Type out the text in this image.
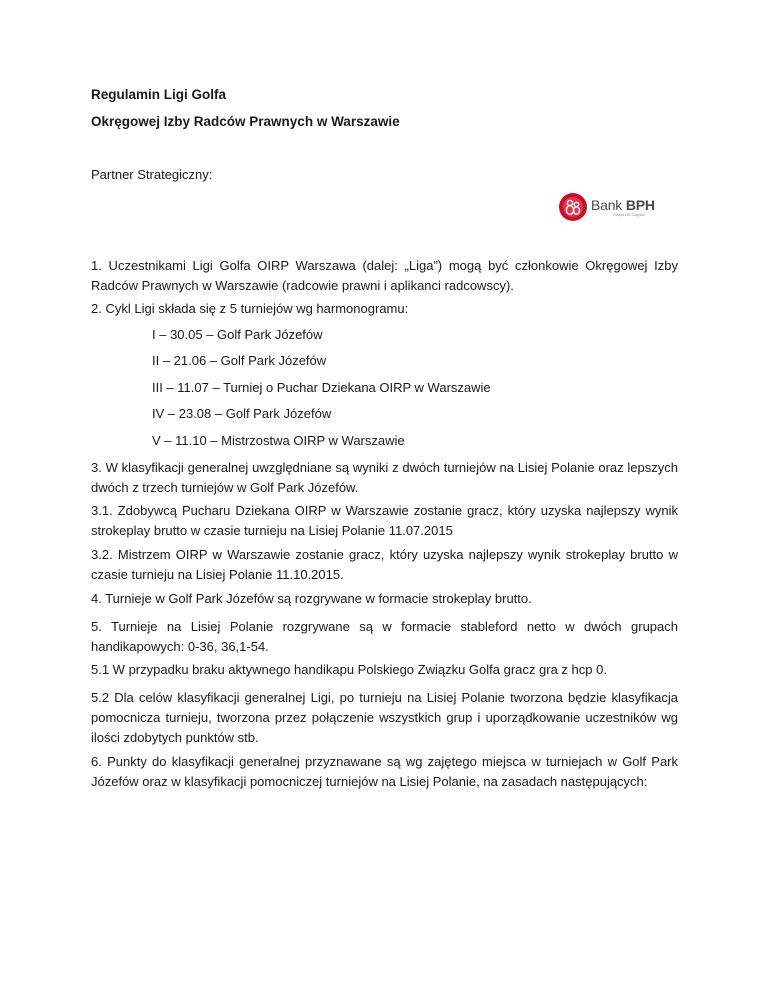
Regulamin Ligi Golfa
Okręgowej Izby Radców Prawnych w Warszawie
Partner Strategiczny:
Bank BPH
Grupa GE Capital

1. Uczestnikami Ligi Golfa OIRP Warszawa (dalej: „Liga”) mogą być członkowie Okręgowej Izby Radców Prawnych w Warszawie (radcowie prawni i aplikanci radcowscy).

2. Cykl Ligi składa się z 5 turniejów wg harmonogramu:

I – 30.05 – Golf Park Józefów
II – 21.06 – Golf Park Józefów
III – 11.07 – Turniej o Puchar Dziekana OIRP w Warszawie
IV – 23.08 – Golf Park Józefów
V – 11.10 – Mistrzostwa OIRP w Warszawie

3. W klasyfikacji generalnej uwzględniane są wyniki z dwóch turniejów na Lisiej Polanie oraz lepszych dwóch z trzech turniejów w Golf Park Józefów.

3.1. Zdobywcą Pucharu Dziekana OIRP w Warszawie zostanie gracz, który uzyska najlepszy wynik strokeplay brutto w czasie turnieju na Lisiej Polanie 11.07.2015

3.2. Mistrzem OIRP w Warszawie zostanie gracz, który uzyska najlepszy wynik strokeplay brutto w czasie turnieju na Lisiej Polanie 11.10.2015.

4. Turnieje w Golf Park Józefów są rozgrywane w formacie strokeplay brutto.

5. Turnieje na Lisiej Polanie rozgrywane są w formacie stableford netto w dwóch grupach handikapowych: 0-36, 36,1-54.

5.1 W przypadku braku aktywnego handikapu Polskiego Związku Golfa gracz gra z hcp 0.

5.2 Dla celów klasyfikacji generalnej Ligi, po turnieju na Lisiej Polanie tworzona będzie klasyfikacja pomocnicza turnieju, tworzona przez połączenie wszystkich grup i uporządkowanie uczestników wg ilości zdobytych punktów stb.

6. Punkty do klasyfikacji generalnej przyznawane są wg zajętego miejsca w turniejach w Golf Park Józefów oraz w klasyfikacji pomocniczej turniejów na Lisiej Polanie, na zasadach następujących:
